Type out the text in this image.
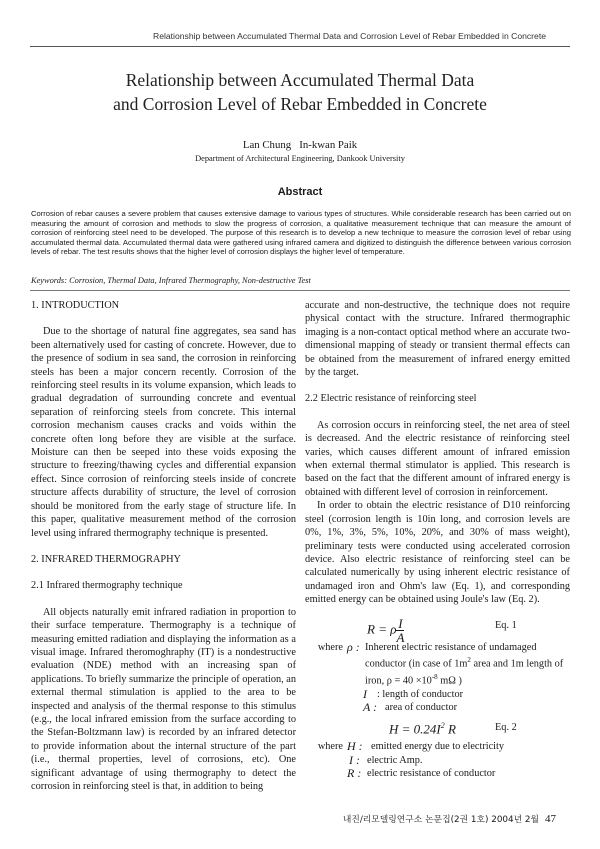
Relationship between Accumulated Thermal Data and Corrosion Level of Rebar Embedded in Concrete
Relationship between Accumulated Thermal Data
and Corrosion Level of Rebar Embedded in Concrete
Lan Chung   In-kwan Paik
Department of Architectural Engineering, Dankook University
Abstract
Corrosion of rebar causes a severe problem that causes extensive damage to various types of structures. While considerable research has been carried out on measuring the amount of corrosion and methods to slow the progress of corrosion, a qualitative measurement technique that can measure the amount of corrosion of reinforcing steel need to be developed. The purpose of this research is to develop a new technique to measure the corrosion level of rebar using accumulated thermal data. Accumulated thermal data were gathered using infrared camera and digitized to distinguish the difference between various corrosion levels of rebar. The test results shows that the higher level of corrosion displays the higher level of temperature.
Keywords: Corrosion, Thermal Data, Infrared Thermography, Non-destructive Test
1. INTRODUCTION

Due to the shortage of natural fine aggregates, sea sand has been alternatively used for casting of concrete. However, due to the presence of sodium in sea sand, the corrosion in reinforcing steels has been a major concern recently. Corrosion of the reinforcing steel results in its volume expansion, which leads to gradual degradation of surrounding concrete and eventual separation of reinforcing steels from concrete. This internal corrosion mechanism causes cracks and voids within the concrete often long before they are visible at the surface. Moisture can then be seeped into these voids exposing the structure to freezing/thawing cycles and differential expansion effect. Since corrosion of reinforcing steels inside of concrete structure affects durability of structure, the level of corrosion should be monitored from the early stage of structure life. In this paper, qualitative measurement method of the corrosion level using infrared thermography technique is presented.

2. INFRARED THERMOGRAPHY
2.1 Infrared thermography technique

All objects naturally emit infrared radiation in proportion to their surface temperature. Thermography is a technique of measuring emitted radiation and displaying the information as a visual image. Infrared theromoghraphy (IT) is a nondestructive evaluation (NDE) method with an increasing span of applications. To briefly summarize the principle of operation, an external thermal stimulation is applied to the area to be inspected and analysis of the thermal response to this stimulus (e.g., the local infrared emission from the surface according to the Stefan-Boltzmann law) is recorded by an infrared detector to provide information about the internal structure of the part (i.e., thermal properties, level of corrosions, etc). One significant advantage of using thermography to detect the corrosion in reinforcing steel is that, in addition to being

accurate and non-destructive, the technique does not require physical contact with the structure. Infrared thermographic imaging is a non-contact optical method where an accurate two-dimensional mapping of steady or transient thermal effects can be obtained from the measurement of infrared energy emitted by the target.

2.2 Electric resistance of reinforcing steel

As corrosion occurs in reinforcing steel, the net area of steel is decreased. And the electric resistance of reinforcing steel varies, which causes different amount of infrared emission when external thermal stimulator is applied. This research is based on the fact that the different amount of infrared energy is obtained with different level of corrosion in reinforcement.

In order to obtain the electric resistance of D10 reinforcing steel (corrosion length is 10in long, and corrosion levels are 0%, 1%, 3%, 5%, 10%, 20%, and 30% of mass weight), preliminary tests were conducted using accelerated corrosion device. Also electric resistance of reinforcing steel can be calculated numerically by using inherent electric resistance of undamaged iron and Ohm's law (Eq. 1), and corresponding emitted energy can be obtained using Joule's law (Eq. 2).

R = ρ $\frac{I}{A}$	Eq. 1
where ρ : Inherent electric resistance of undamaged conductor (in case of $1m^2$ area and 1m length of iron, $\rho = 40 \times 10^{-8}$ mΩ )
I : length of conductor
A : area of conductor
$H = 0.24I^2$ R	Eq. 2
where H : emitted energy due to electricity
I : electric Amp.
R : electric resistance of conductor
내진/리모델링연구소 논문집(2권 1호) 2004년 2월 47
